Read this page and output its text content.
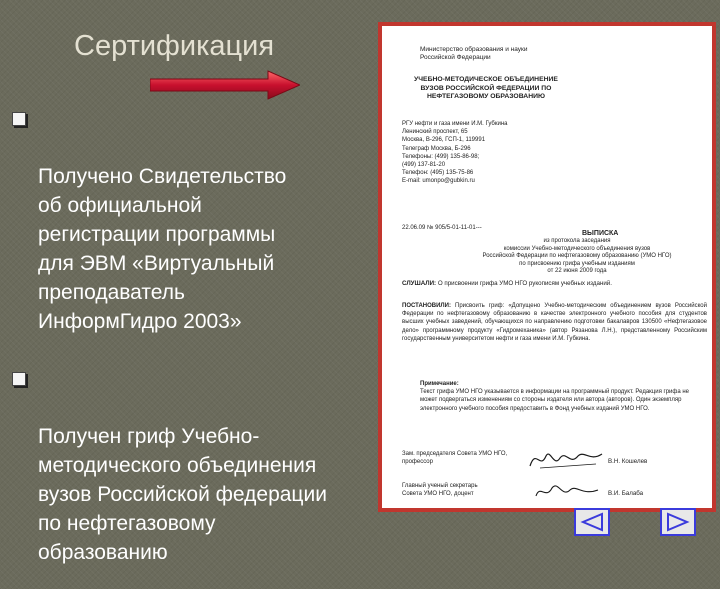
Сертификация

Получено Свидетельство
об официальной
регистрации программы
для ЭВМ «Виртуальный
преподаватель
ИнформГидро 2003»

Получен гриф Учебно-
методического объединения
вузов Российской федерации
по нефтегазовому
образованию

Министерство образования и науки Российской Федерации
УЧЕБНО-МЕТОДИЧЕСКОЕ ОБЪЕДИНЕНИЕ ВУЗОВ РОССИЙСКОЙ ФЕДЕРАЦИИ ПО НЕФТЕГАЗОВОМУ ОБРАЗОВАНИЮ
РГУ нефти и газа имени И.М. Губкина
Ленинский проспект, 65
Москва, В-296, ГСП-1, 119991
Телеграф Москва, Б-296
Телефоны: (499) 135-86-98;
(499) 137-81-20
Телефон: (495) 135-75-86
E-mail: umonpo@gubkin.ru
22.06.09 № 905/5-01-11-01---
ВЫПИСКА
из протокола заседания
комиссии Учебно-методического объединения вузов
Российской Федерации по нефтегазовому образованию (УМО НГО)
по присвоению грифа учебным изданиям
от 22 июня 2009 года
СЛУШАЛИ: О присвоении грифа УМО НГО рукописям учебных изданий.
ПОСТАНОВИЛИ: Присвоить гриф: «Допущено Учебно-методическим объединением вузов Российской Федерации по нефтегазовому образованию в качестве электронного учебного пособия для студентов высших учебных заведений, обучающихся по направлению подготовки бакалавров 130500 «Нефтегазовое дело» программному продукту «Гидромеханика» (автор Рязанова Л.Н.), представленному Российским государственным университетом нефти и газа имени И.М. Губкина.
Примечание:
Текст грифа УМО НГО указывается в информации на программный продукт. Редакция грифа не может подвергаться изменениям со стороны издателя или автора (авторов). Один экземпляр электронного учебного пособия предоставить в Фонд учебных изданий УМО НГО.
Зам. председателя Совета УМО НГО,
профессор	В.Н. Кошелев
Главный ученый секретарь
Совета УМО НГО, доцент	В.И. Балаба
